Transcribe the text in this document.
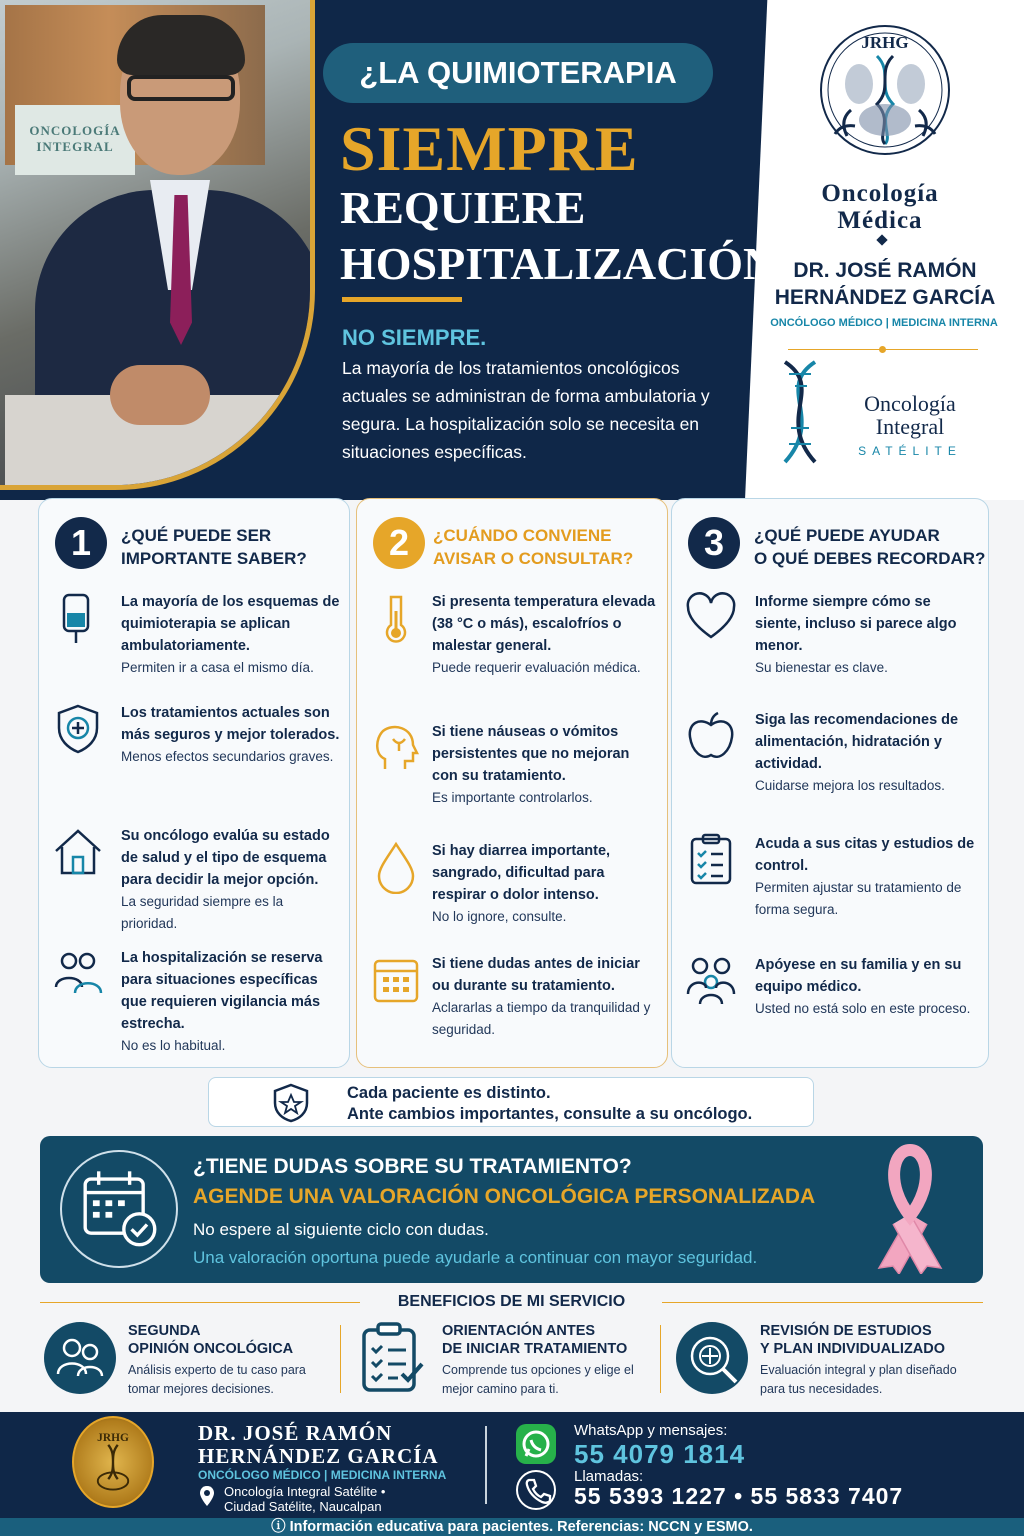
ONCOLOGÍA INTEGRAL
¿LA QUIMIOTERAPIA
SIEMPRE
REQUIERE
HOSPITALIZACIÓN?
NO SIEMPRE.
La mayoría de los tratamientos oncológicos actuales se administran de forma ambulatoria y segura. La hospitalización solo se necesita en situaciones específicas.
JRHG
Oncología
Médica
DR. JOSÉ RAMÓN
HERNÁNDEZ GARCÍA
ONCÓLOGO MÉDICO | MEDICINA INTERNA
Oncología
Integral
SATÉLITE
1	¿QUÉ PUEDE SER
IMPORTANTE SABER?
La mayoría de los esquemas de quimioterapia se aplican ambulatoriamente.
Permiten ir a casa el mismo día.
Los tratamientos actuales son más seguros y mejor tolerados.
Menos efectos secundarios graves.
Su oncólogo evalúa su estado de salud y el tipo de esquema para decidir la mejor opción.
La seguridad siempre es la prioridad.
La hospitalización se reserva para situaciones específicas que requieren vigilancia más estrecha.
No es lo habitual.
2	¿CUÁNDO CONVIENE
AVISAR O CONSULTAR?
Si presenta temperatura elevada (38 °C o más), escalofríos o malestar general.
Puede requerir evaluación médica.
Si tiene náuseas o vómitos persistentes que no mejoran con su tratamiento.
Es importante controlarlos.
Si hay diarrea importante, sangrado, dificultad para respirar o dolor intenso.
No lo ignore, consulte.
Si tiene dudas antes de iniciar ou durante su tratamiento.
Aclararlas a tiempo da tranquilidad y seguridad.
3	¿QUÉ PUEDE AYUDAR
O QUÉ DEBES RECORDAR?
Informe siempre cómo se siente, incluso si parece algo menor.
Su bienestar es clave.
Siga las recomendaciones de alimentación, hidratación y actividad.
Cuidarse mejora los resultados.
Acuda a sus citas y estudios de control.
Permiten ajustar su tratamiento de forma segura.
Apóyese en su familia y en su equipo médico.
Usted no está solo en este proceso.
Cada paciente es distinto.
Ante cambios importantes, consulte a su oncólogo.
¿TIENE DUDAS SOBRE SU TRATAMIENTO?
AGENDE UNA VALORACIÓN ONCOLÓGICA PERSONALIZADA
No espere al siguiente ciclo con dudas.
Una valoración oportuna puede ayudarle a continuar con mayor seguridad.
BENEFICIOS DE MI SERVICIO
SEGUNDA
OPINIÓN ONCOLÓGICA
Análisis experto de tu caso para tomar mejores decisiones.
ORIENTACIÓN ANTES
DE INICIAR TRATAMIENTO
Comprende tus opciones y elige el mejor camino para ti.
REVISIÓN DE ESTUDIOS
Y PLAN INDIVIDUALIZADO
Evaluación integral y plan diseñado para tus necesidades.
JRHG	DR. JOSÉ RAMÓN
HERNÁNDEZ GARCÍA
ONCÓLOGO MÉDICO | MEDICINA INTERNA
Oncología Integral Satélite •
Ciudad Satélite, Naucalpan
WhatsApp y mensajes:
55 4079 1814
Llamadas:
55 5393 1227 • 55 5833 7407
ⓘ Información educativa para pacientes. Referencias: NCCN y ESMO.
